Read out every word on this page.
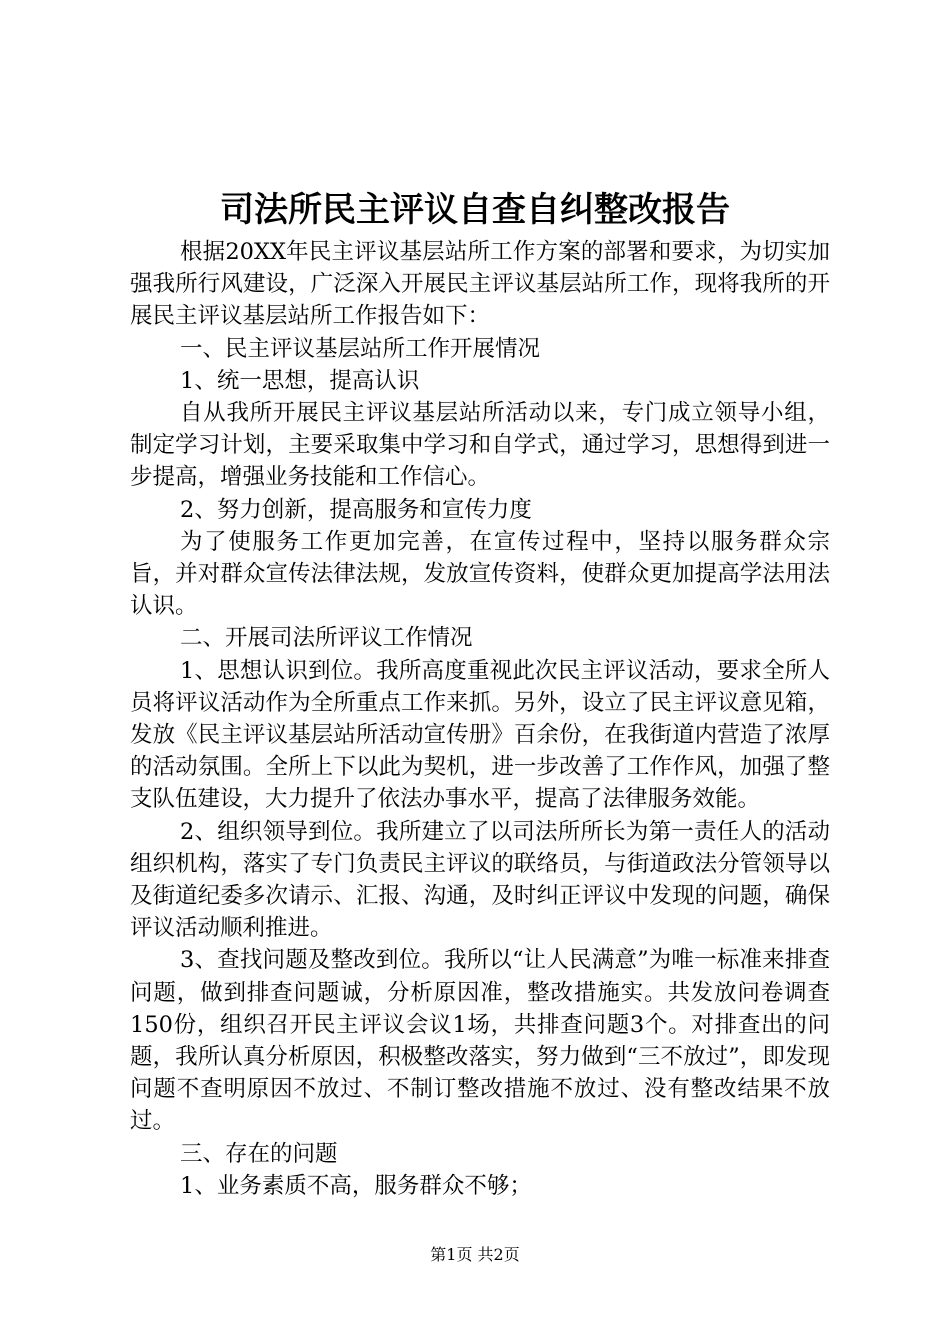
司法所民主评议自查自纠整改报告

根据20XX年民主评议基层站所工作方案的部署和要求，为切实加强我所行风建设，广泛深入开展民主评议基层站所工作，现将我所的开展民主评议基层站所工作报告如下：

一、民主评议基层站所工作开展情况

1、统一思想，提高认识

自从我所开展民主评议基层站所活动以来，专门成立领导小组，制定学习计划，主要采取集中学习和自学式，通过学习，思想得到进一步提高，增强业务技能和工作信心。

2、努力创新，提高服务和宣传力度

为了使服务工作更加完善，在宣传过程中，坚持以服务群众宗旨，并对群众宣传法律法规，发放宣传资料，使群众更加提高学法用法认识。

二、开展司法所评议工作情况

1、思想认识到位。我所高度重视此次民主评议活动，要求全所人员将评议活动作为全所重点工作来抓。另外，设立了民主评议意见箱，发放《民主评议基层站所活动宣传册》百余份，在我街道内营造了浓厚的活动氛围。全所上下以此为契机，进一步改善了工作作风，加强了整支队伍建设，大力提升了依法办事水平，提高了法律服务效能。

2、组织领导到位。我所建立了以司法所所长为第一责任人的活动组织机构，落实了专门负责民主评议的联络员，与街道政法分管领导以及街道纪委多次请示、汇报、沟通，及时纠正评议中发现的问题，确保评议活动顺利推进。

3、查找问题及整改到位。我所以“让人民满意”为唯一标准来排查问题，做到排查问题诚，分析原因准，整改措施实。共发放问卷调查150份，组织召开民主评议会议1场，共排查问题3个。对排查出的问题，我所认真分析原因，积极整改落实，努力做到“三不放过”，即发现问题不查明原因不放过、不制订整改措施不放过、没有整改结果不放过。

三、存在的问题

1、业务素质不高，服务群众不够；

第1页 共2页
